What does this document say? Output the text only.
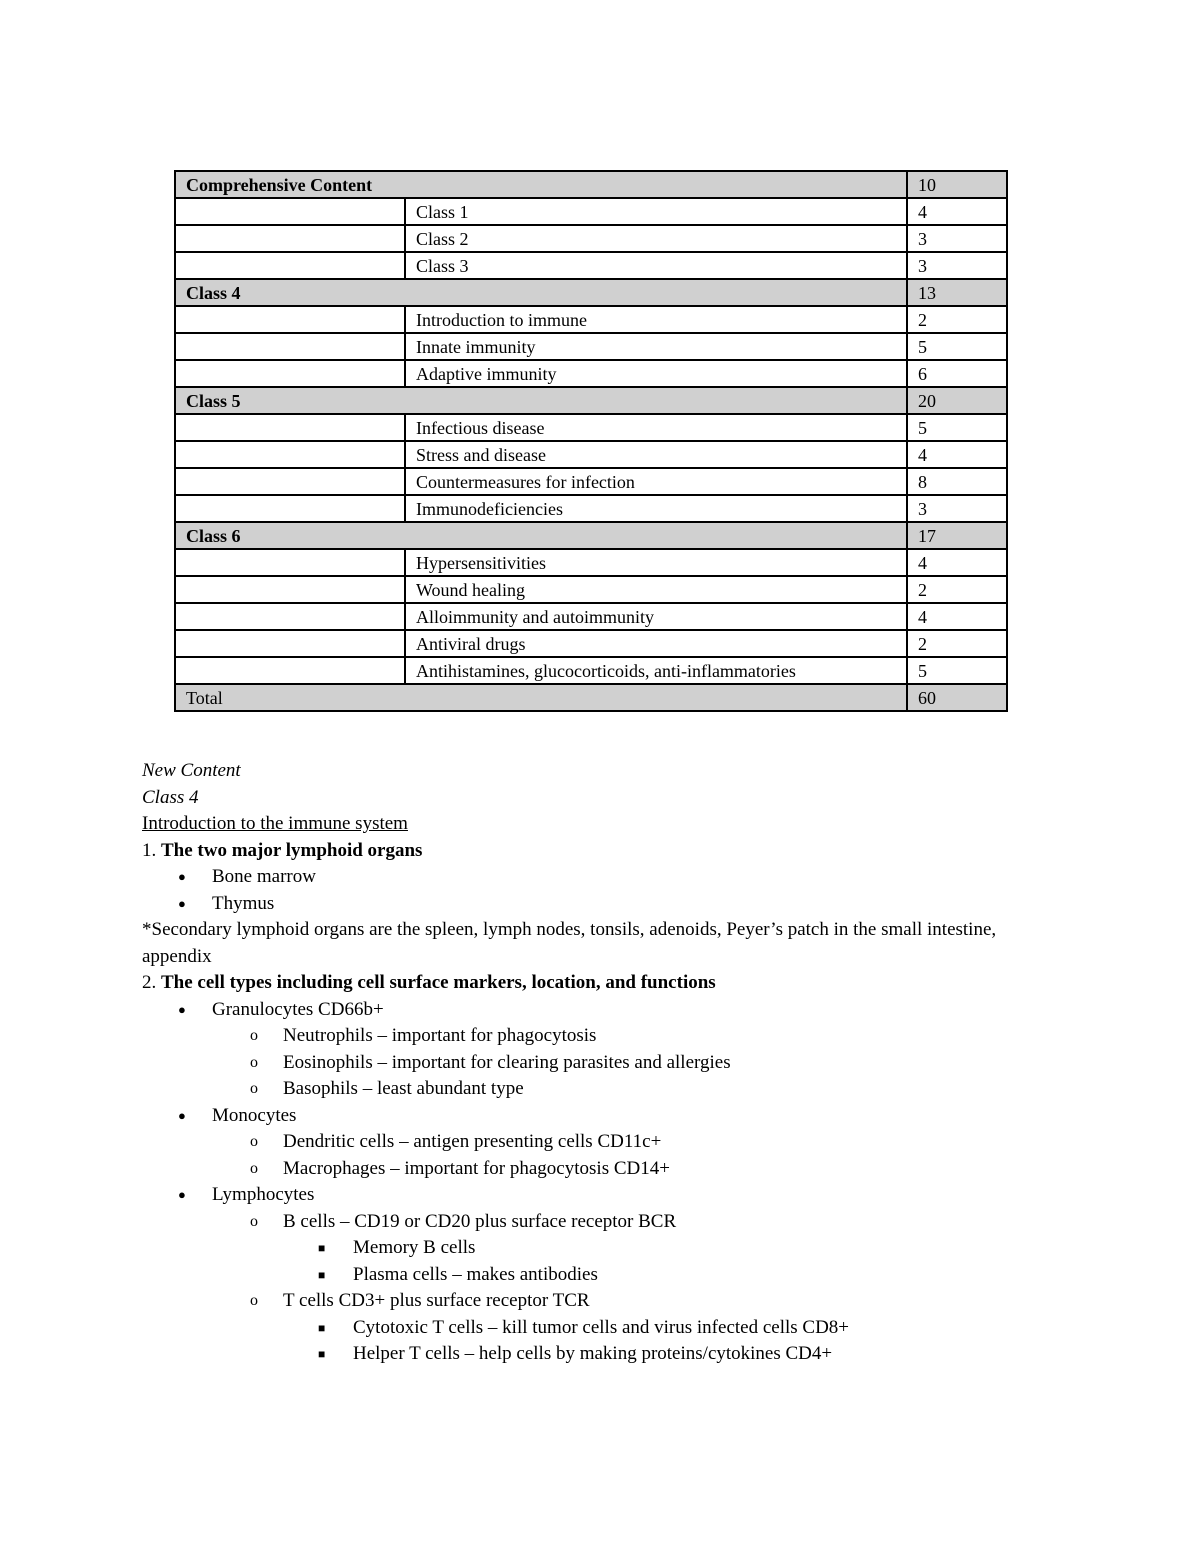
Comprehensive Content		10
	Class 1	4
	Class 2	3
	Class 3	3
Class 4		13
	Introduction to immune	2
	Innate immunity	5
	Adaptive immunity	6
Class 5		20
	Infectious disease	5
	Stress and disease	4
	Countermeasures for infection	8
	Immunodeficiencies	3
Class 6		17
	Hypersensitivities	4
	Wound healing	2
	Alloimmunity and autoimmunity	4
	Antiviral drugs	2
	Antihistamines, glucocorticoids, anti-inflammatories	5
Total		60
New Content
Class 4
Introduction to the immune system
1. The two major lymphoid organs
● Bone marrow
● Thymus
*Secondary lymphoid organs are the spleen, lymph nodes, tonsils, adenoids, Peyer’s patch in the small intestine, appendix
2. The cell types including cell surface markers, location, and functions
● Granulocytes CD66b+
o Neutrophils – important for phagocytosis
o Eosinophils – important for clearing parasites and allergies
o Basophils – least abundant type
● Monocytes
o Dendritic cells – antigen presenting cells CD11c+
o Macrophages – important for phagocytosis CD14+
● Lymphocytes
o B cells – CD19 or CD20 plus surface receptor BCR
■ Memory B cells
■ Plasma cells – makes antibodies
o T cells CD3+ plus surface receptor TCR
■ Cytotoxic T cells – kill tumor cells and virus infected cells CD8+
■ Helper T cells – help cells by making proteins/cytokines CD4+
